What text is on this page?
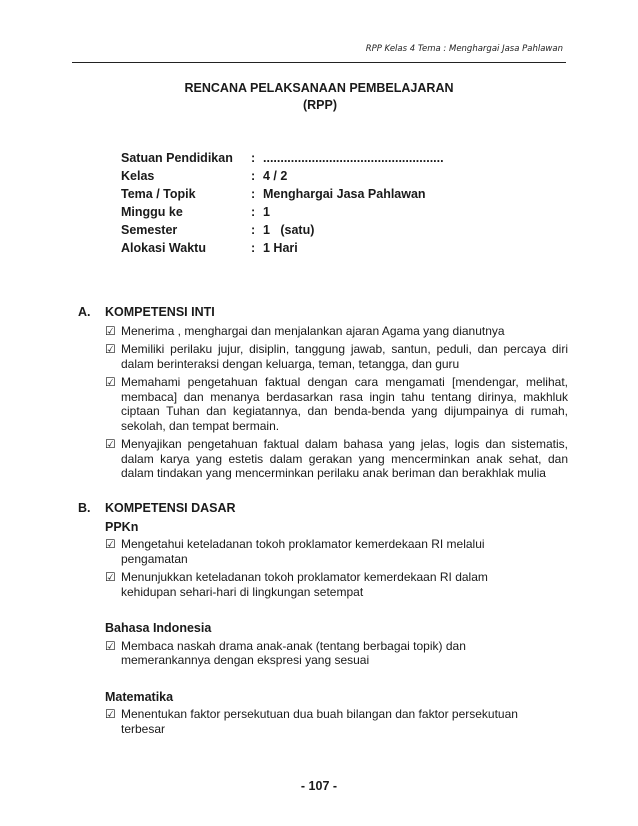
RPP Kelas 4 Tema : Menghargai Jasa Pahlawan
RENCANA PELAKSANAAN PEMBELAJARAN
(RPP)
Satuan Pendidikan	: ....................................................
Kelas	: 4 / 2
Tema / Topik	: Menghargai Jasa Pahlawan
Minggu ke	: 1
Semester	: 1   (satu)
Alokasi Waktu	: 1 Hari
A.	KOMPETENSI INTI
☑ Menerima , menghargai dan menjalankan ajaran Agama yang dianutnya
☑ Memiliki perilaku jujur, disiplin, tanggung jawab, santun, peduli, dan percaya diri dalam berinteraksi dengan keluarga, teman, tetangga, dan guru
☑ Memahami pengetahuan faktual dengan cara mengamati [mendengar, melihat, membaca] dan menanya berdasarkan rasa ingin tahu tentang dirinya, makhluk ciptaan Tuhan dan kegiatannya, dan benda-benda yang dijumpainya di rumah, sekolah, dan tempat bermain.
☑ Menyajikan pengetahuan faktual dalam bahasa yang jelas, logis dan sistematis, dalam karya yang estetis dalam gerakan yang mencerminkan anak sehat, dan dalam tindakan yang mencerminkan perilaku anak beriman dan berakhlak mulia
B.	KOMPETENSI DASAR
PPKn
☑ Mengetahui keteladanan tokoh proklamator kemerdekaan RI melalui pengamatan
☑ Menunjukkan keteladanan tokoh proklamator kemerdekaan RI dalam kehidupan sehari-hari di lingkungan setempat
Bahasa Indonesia
☑ Membaca naskah drama anak-anak (tentang berbagai topik) dan memerankannya dengan ekspresi yang sesuai
Matematika
☑ Menentukan faktor persekutuan dua buah bilangan dan faktor persekutuan terbesar
- 107 -
